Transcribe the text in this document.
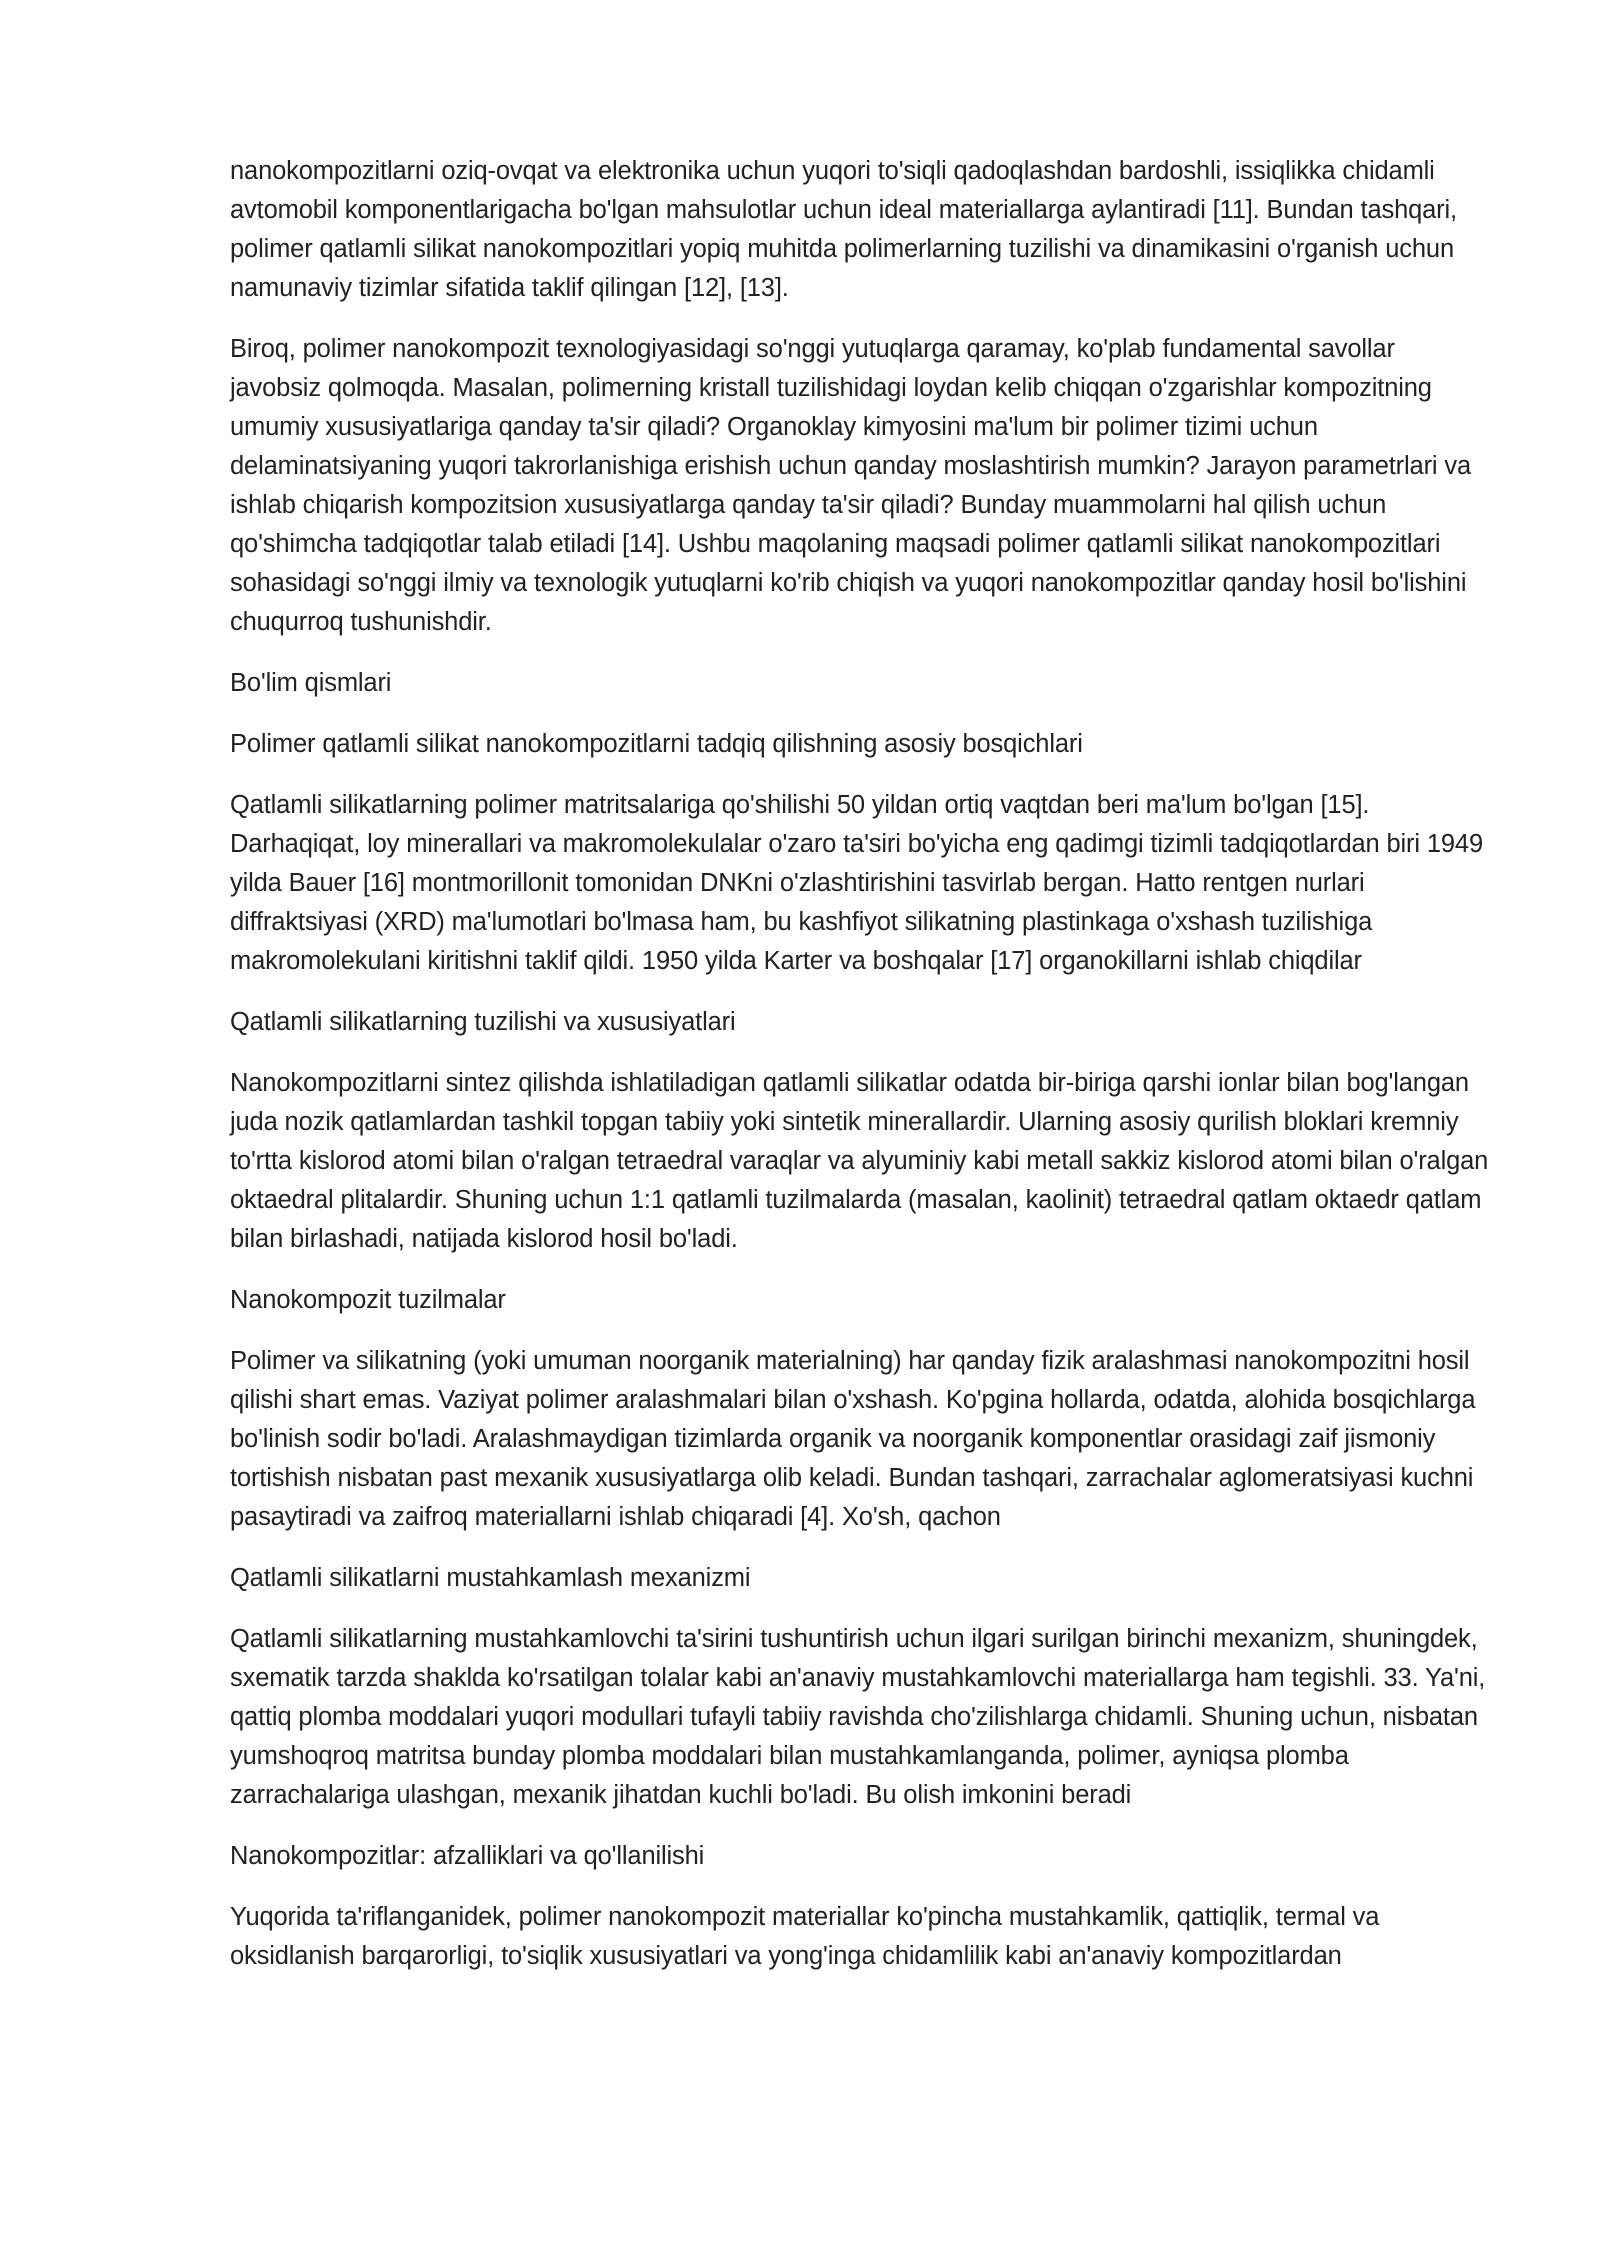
nanokompozitlarni oziq-ovqat va elektronika uchun yuqori to'siqli qadoqlashdan bardoshli, issiqlikka chidamli avtomobil komponentlarigacha bo'lgan mahsulotlar uchun ideal materiallarga aylantiradi [11]. Bundan tashqari, polimer qatlamli silikat nanokompozitlari yopiq muhitda polimerlarning tuzilishi va dinamikasini o'rganish uchun namunaviy tizimlar sifatida taklif qilingan [12], [13].

Biroq, polimer nanokompozit texnologiyasidagi so'nggi yutuqlarga qaramay, ko'plab fundamental savollar javobsiz qolmoqda. Masalan, polimerning kristall tuzilishidagi loydan kelib chiqqan o'zgarishlar kompozitning umumiy xususiyatlariga qanday ta'sir qiladi? Organoklay kimyosini ma'lum bir polimer tizimi uchun delaminatsiyaning yuqori takrorlanishiga erishish uchun qanday moslashtirish mumkin? Jarayon parametrlari va ishlab chiqarish kompozitsion xususiyatlarga qanday ta'sir qiladi? Bunday muammolarni hal qilish uchun qo'shimcha tadqiqotlar talab etiladi [14]. Ushbu maqolaning maqsadi polimer qatlamli silikat nanokompozitlari sohasidagi so'nggi ilmiy va texnologik yutuqlarni ko'rib chiqish va yuqori nanokompozitlar qanday hosil bo'lishini chuqurroq tushunishdir.

Bo'lim qismlari

Polimer qatlamli silikat nanokompozitlarni tadqiq qilishning asosiy bosqichlari

Qatlamli silikatlarning polimer matritsalariga qo'shilishi 50 yildan ortiq vaqtdan beri ma'lum bo'lgan [15]. Darhaqiqat, loy minerallari va makromolekulalar o'zaro ta'siri bo'yicha eng qadimgi tizimli tadqiqotlardan biri 1949 yilda Bauer [16] montmorillonit tomonidan DNKni o'zlashtirishini tasvirlab bergan. Hatto rentgen nurlari diffraktsiyasi (XRD) ma'lumotlari bo'lmasa ham, bu kashfiyot silikatning plastinkaga o'xshash tuzilishiga makromolekulani kiritishni taklif qildi. 1950 yilda Karter va boshqalar [17] organokillarni ishlab chiqdilar

Qatlamli silikatlarning tuzilishi va xususiyatlari

Nanokompozitlarni sintez qilishda ishlatiladigan qatlamli silikatlar odatda bir-biriga qarshi ionlar bilan bog'langan juda nozik qatlamlardan tashkil topgan tabiiy yoki sintetik minerallardir. Ularning asosiy qurilish bloklari kremniy to'rtta kislorod atomi bilan o'ralgan tetraedral varaqlar va alyuminiy kabi metall sakkiz kislorod atomi bilan o'ralgan oktaedral plitalardir. Shuning uchun 1:1 qatlamli tuzilmalarda (masalan, kaolinit) tetraedral qatlam oktaedr qatlam bilan birlashadi, natijada kislorod hosil bo'ladi.

Nanokompozit tuzilmalar

Polimer va silikatning (yoki umuman noorganik materialning) har qanday fizik aralashmasi nanokompozitni hosil qilishi shart emas. Vaziyat polimer aralashmalari bilan o'xshash. Ko'pgina hollarda, odatda, alohida bosqichlarga bo'linish sodir bo'ladi. Aralashmaydigan tizimlarda organik va noorganik komponentlar orasidagi zaif jismoniy tortishish nisbatan past mexanik xususiyatlarga olib keladi. Bundan tashqari, zarrachalar aglomeratsiyasi kuchni pasaytiradi va zaifroq materiallarni ishlab chiqaradi [4]. Xo'sh, qachon

Qatlamli silikatlarni mustahkamlash mexanizmi

Qatlamli silikatlarning mustahkamlovchi ta'sirini tushuntirish uchun ilgari surilgan birinchi mexanizm, shuningdek, sxematik tarzda shaklda ko'rsatilgan tolalar kabi an'anaviy mustahkamlovchi materiallarga ham tegishli. 33. Ya'ni, qattiq plomba moddalari yuqori modullari tufayli tabiiy ravishda cho'zilishlarga chidamli. Shuning uchun, nisbatan yumshoqroq matritsa bunday plomba moddalari bilan mustahkamlanganda, polimer, ayniqsa plomba zarrachalariga ulashgan, mexanik jihatdan kuchli bo'ladi. Bu olish imkonini beradi

Nanokompozitlar: afzalliklari va qo'llanilishi

Yuqorida ta'riflanganidek, polimer nanokompozit materiallar ko'pincha mustahkamlik, qattiqlik, termal va oksidlanish barqarorligi, to'siqlik xususiyatlari va yong'inga chidamlilik kabi an'anaviy kompozitlardan
